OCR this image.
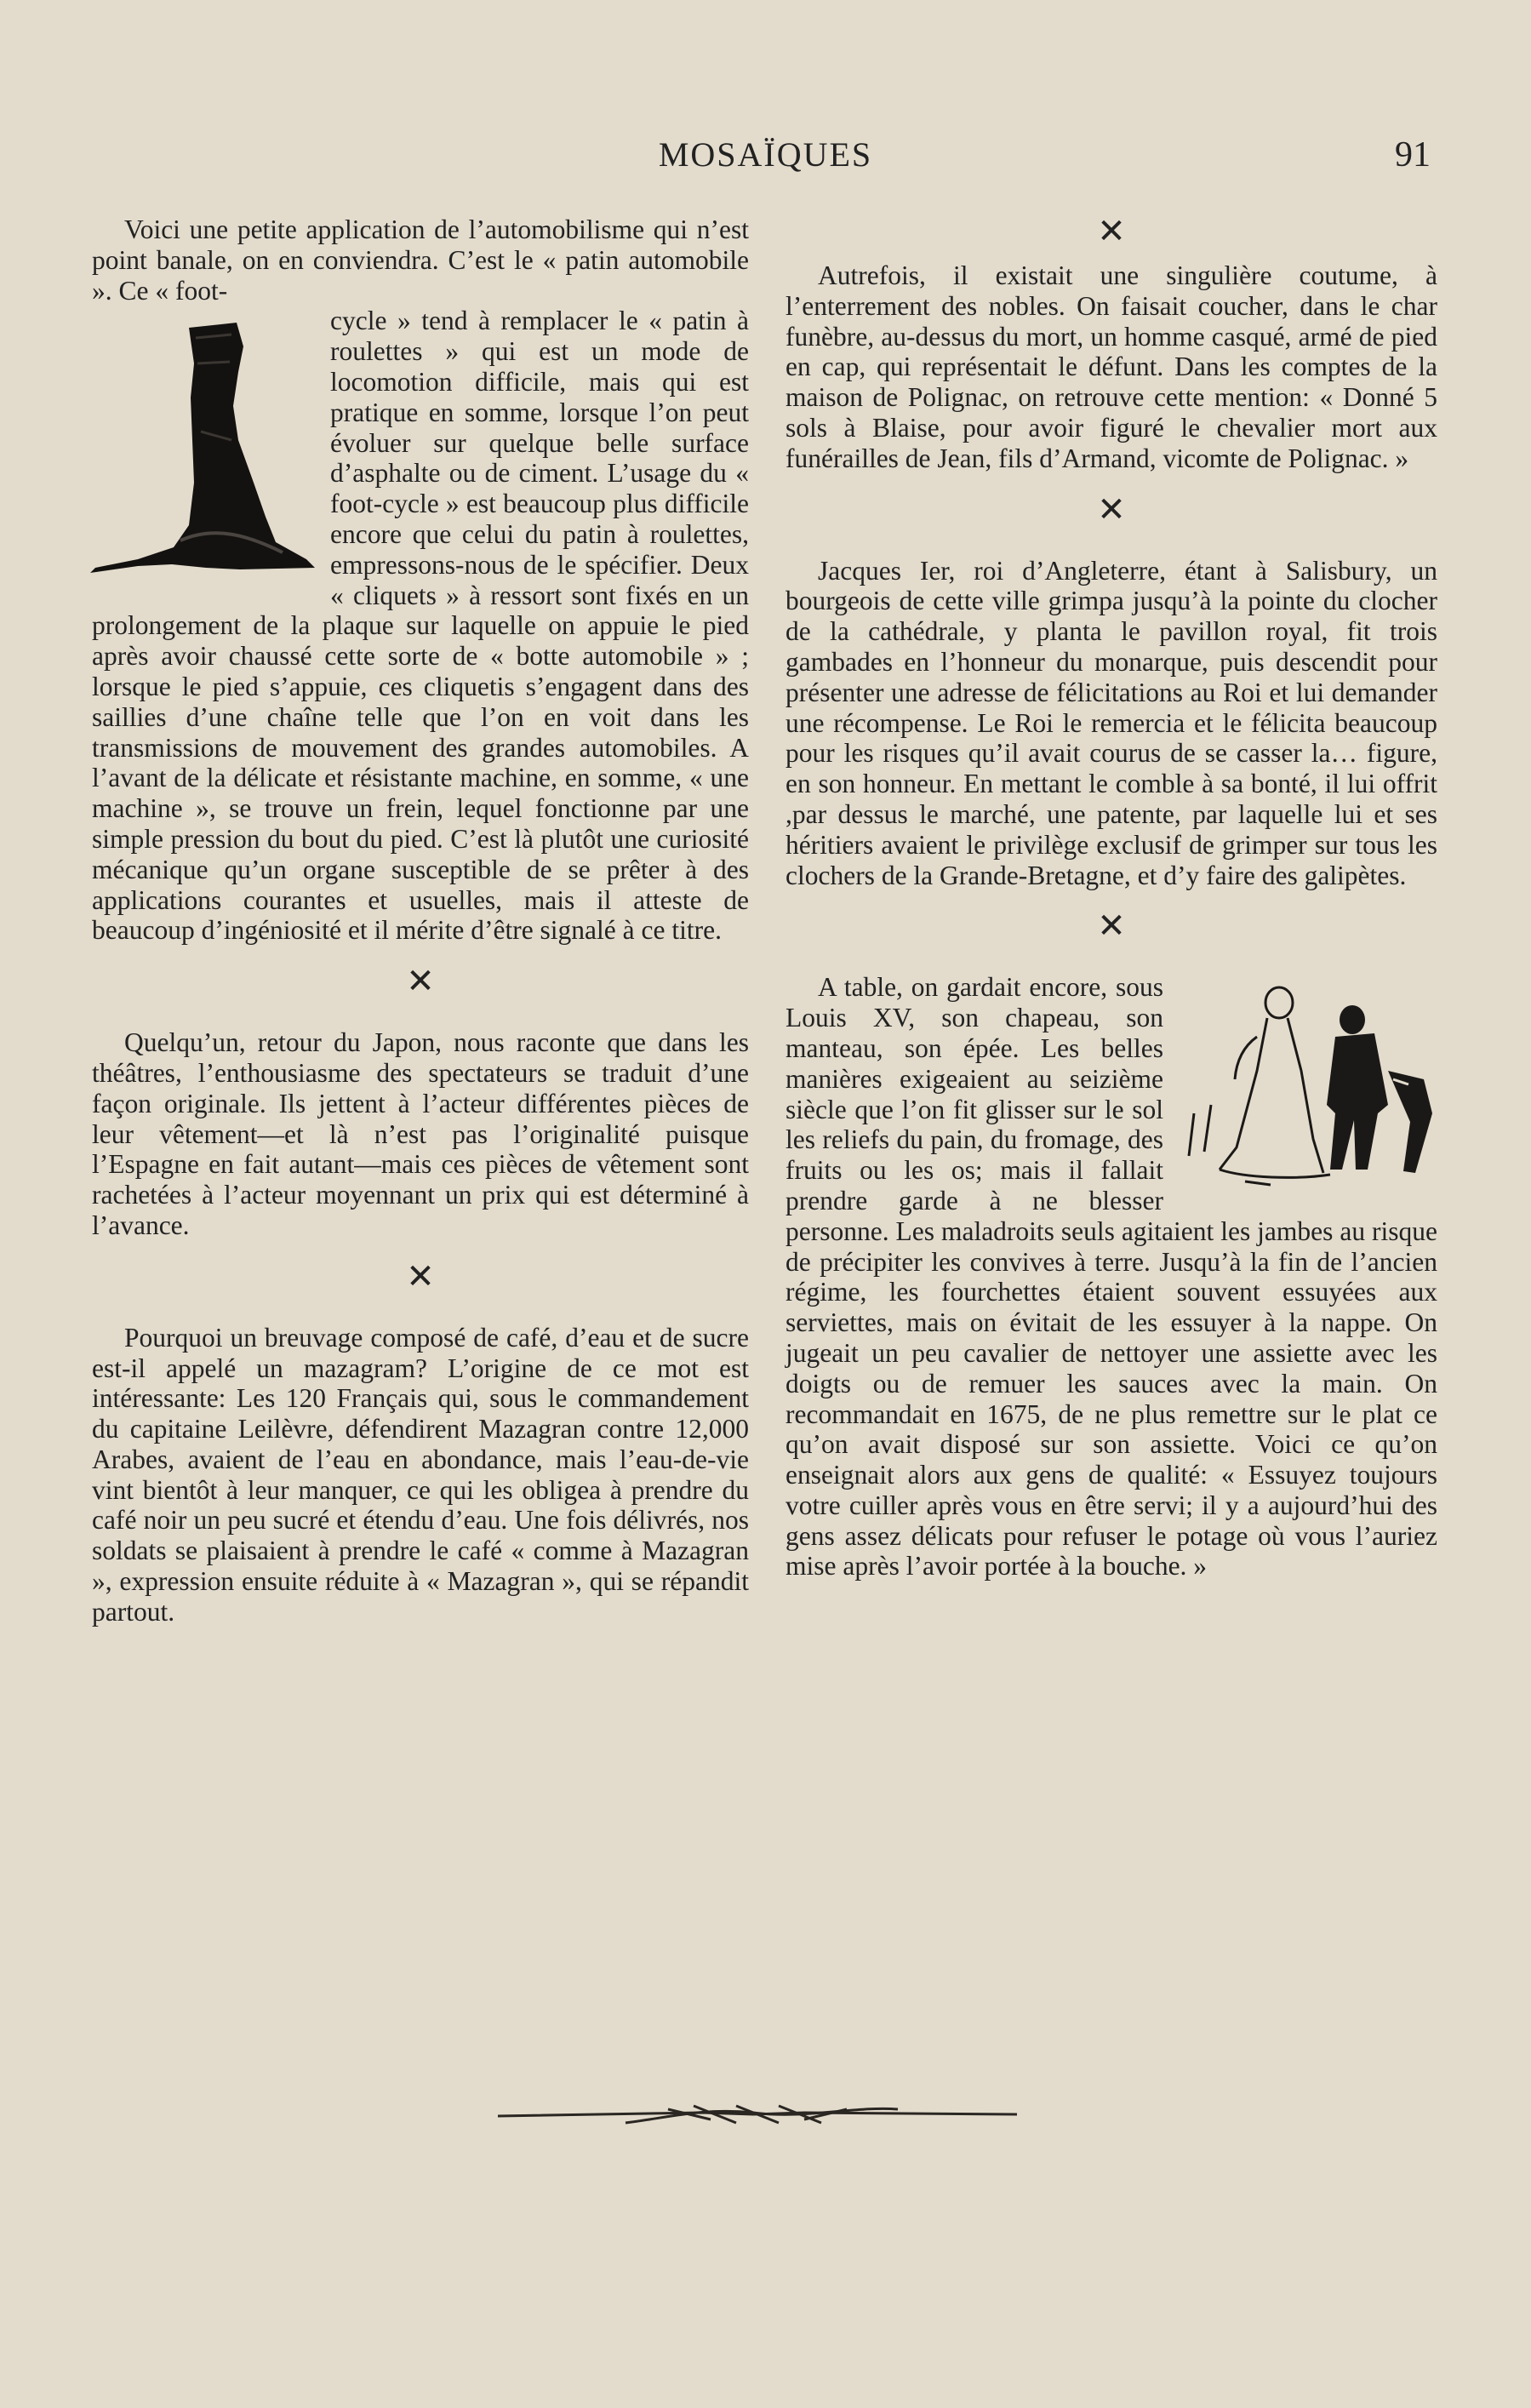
MOSAÏQUES	91

Voici une petite application de l’automobilisme qui n’est point banale, on en conviendra. C’est le « patin automobile ». Ce « foot-

cycle » tend à remplacer le « patin à roulettes » qui est un mode de locomotion difficile, mais qui est pratique en somme, lorsque l’on peut évoluer sur quelque belle surface d’asphalte ou de ciment. L’usage du « foot-cycle » est beaucoup plus difficile encore que celui du patin à roulettes, empressons-nous de le spécifier. Deux « cliquets » à ressort sont fixés en un prolongement de la plaque sur laquelle on appuie le pied après avoir chaussé cette sorte de « botte automobile » ; lorsque le pied s’appuie, ces cliquetis s’engagent dans des saillies d’une chaîne telle que l’on en voit dans les transmissions de mouvement des grandes automobiles. A l’avant de la délicate et résistante machine, en somme, « une machine », se trouve un frein, lequel fonctionne par une simple pression du bout du pied. C’est là plutôt une curiosité mécanique qu’un organe susceptible de se prêter à des applications courantes et usuelles, mais il atteste de beaucoup d’ingéniosité et il mérite d’être signalé à ce titre.

✕

Quelqu’un, retour du Japon, nous raconte que dans les théâtres, l’enthousiasme des spectateurs se traduit d’une façon originale. Ils jettent à l’acteur différentes pièces de leur vêtement—et là n’est pas l’originalité puisque l’Espagne en fait autant—mais ces pièces de vêtement sont rachetées à l’acteur moyennant un prix qui est déterminé à l’avance.

✕

Pourquoi un breuvage composé de café, d’eau et de sucre est-il appelé un mazagram? L’origine de ce mot est intéressante: Les 120 Français qui, sous le commandement du capitaine Leilèvre, défendirent Mazagran contre 12,000 Arabes, avaient de l’eau en abondance, mais l’eau-de-vie vint bientôt à leur manquer, ce qui les obligea à prendre du café noir un peu sucré et étendu d’eau. Une fois délivrés, nos soldats se plaisaient à prendre le café « comme à Mazagran », expression ensuite réduite à « Mazagran », qui se répandit partout.

✕

Autrefois, il existait une singulière coutume, à l’enterrement des nobles. On faisait coucher, dans le char funèbre, au-dessus du mort, un homme casqué, armé de pied en cap, qui représentait le défunt. Dans les comptes de la maison de Polignac, on retrouve cette mention: « Donné 5 sols à Blaise, pour avoir figuré le chevalier mort aux funérailles de Jean, fils d’Armand, vicomte de Polignac. »

✕

Jacques Ier, roi d’Angleterre, étant à Salisbury, un bourgeois de cette ville grimpa jusqu’à la pointe du clocher de la cathédrale, y planta le pavillon royal, fit trois gambades en l’honneur du monarque, puis descendit pour présenter une adresse de félicitations au Roi et lui demander une récompense. Le Roi le remercia et le félicita beaucoup pour les risques qu’il avait courus de se casser la… figure, en son honneur. En mettant le comble à sa bonté, il lui offrit ,par dessus le marché, une patente, par laquelle lui et ses héritiers avaient le privilège exclusif de grimper sur tous les clochers de la Grande-Bretagne, et d’y faire des galipètes.

✕

A table, on gardait encore, sous Louis XV, son chapeau, son manteau, son épée. Les belles manières exigeaient au seizième siècle que l’on fit glisser sur le sol les reliefs du pain, du fromage, des fruits ou les os; mais il fallait prendre garde à ne blesser personne. Les maladroits seuls agitaient les jambes au risque de précipiter les convives à terre. Jusqu’à la fin de l’ancien régime, les fourchettes étaient souvent essuyées aux serviettes, mais on évitait de les essuyer à la nappe. On jugeait un peu cavalier de nettoyer une assiette avec les doigts ou de remuer les sauces avec la main. On recommandait en 1675, de ne plus remettre sur le plat ce qu’on avait disposé sur son assiette. Voici ce qu’on enseignait alors aux gens de qualité: « Essuyez toujours votre cuiller après vous en être servi; il y a aujourd’hui des gens assez délicats pour refuser le potage où vous l’auriez mise après l’avoir portée à la bouche. »
